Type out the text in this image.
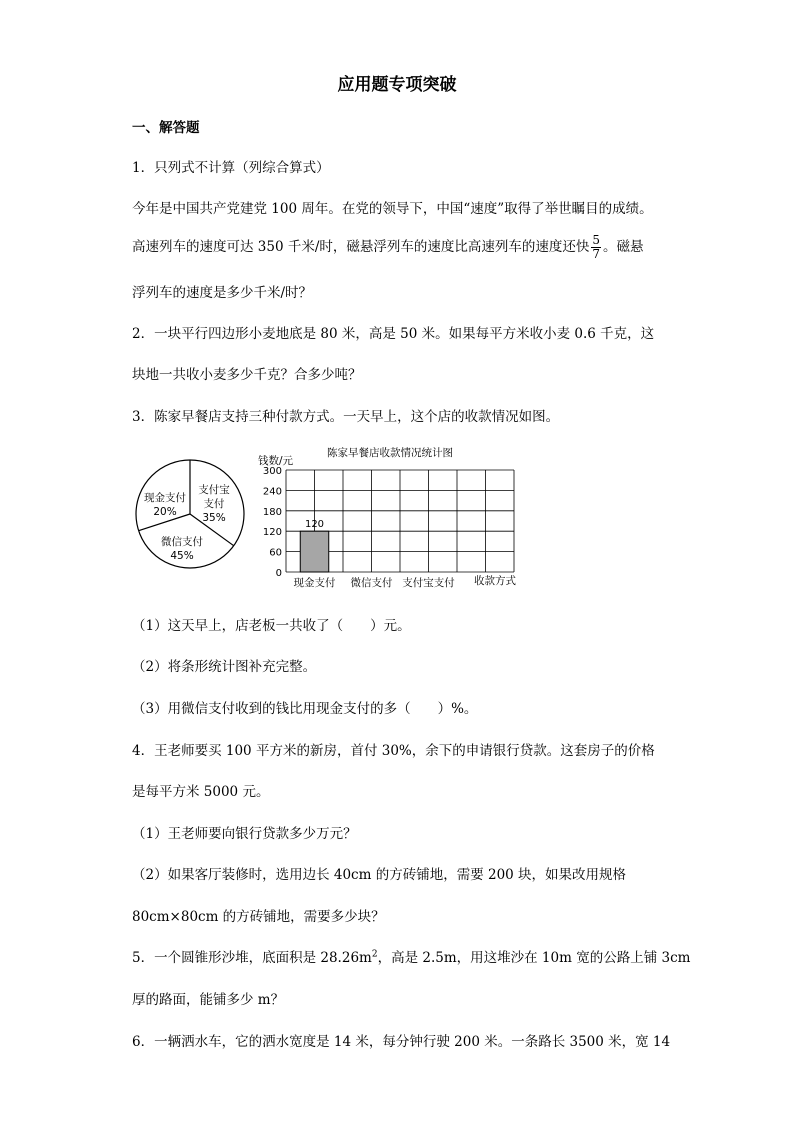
应用题专项突破
一、解答题
1．只列式不计算（列综合算式）
今年是中国共产党建党 100 周年。在党的领导下，中国“速度”取得了举世瞩目的成绩。
高速列车的速度可达 350 千米/时，磁悬浮列车的速度比高速列车的速度还快 $\frac{5}{7}$ 。磁悬
浮列车的速度是多少千米/时？
2．一块平行四边形小麦地底是 80 米，高是 50 米。如果每平方米收小麦 0.6 千克，这
块地一共收小麦多少千克？合多少吨？
3．陈家早餐店支持三种付款方式。一天早上，这个店的收款情况如图。
支付宝
支付
35%
微信支付
45%
现金支付
20%
陈家早餐店收款情况统计图
钱数/元
120
0
60
120
180
240
300
现金支付 微信支付 支付宝支付 收款方式
（1）这天早上，店老板一共收了（　　）元。
（2）将条形统计图补充完整。
（3）用微信支付收到的钱比用现金支付的多（　　）%。
4．王老师要买 100 平方米的新房，首付 30%，余下的申请银行贷款。这套房子的价格
是每平方米 5000 元。
（1）王老师要向银行贷款多少万元？
（2）如果客厅装修时，选用边长 40cm 的方砖铺地，需要 200 块，如果改用规格
80cm×80cm 的方砖铺地，需要多少块？
5．一个圆锥形沙堆，底面积是 $28.26m^2$，高是 2.5m，用这堆沙在 10m 宽的公路上铺 3cm
厚的路面，能铺多少 m？
6．一辆洒水车，它的洒水宽度是 14 米，每分钟行驶 200 米。一条路长 3500 米，宽 14
